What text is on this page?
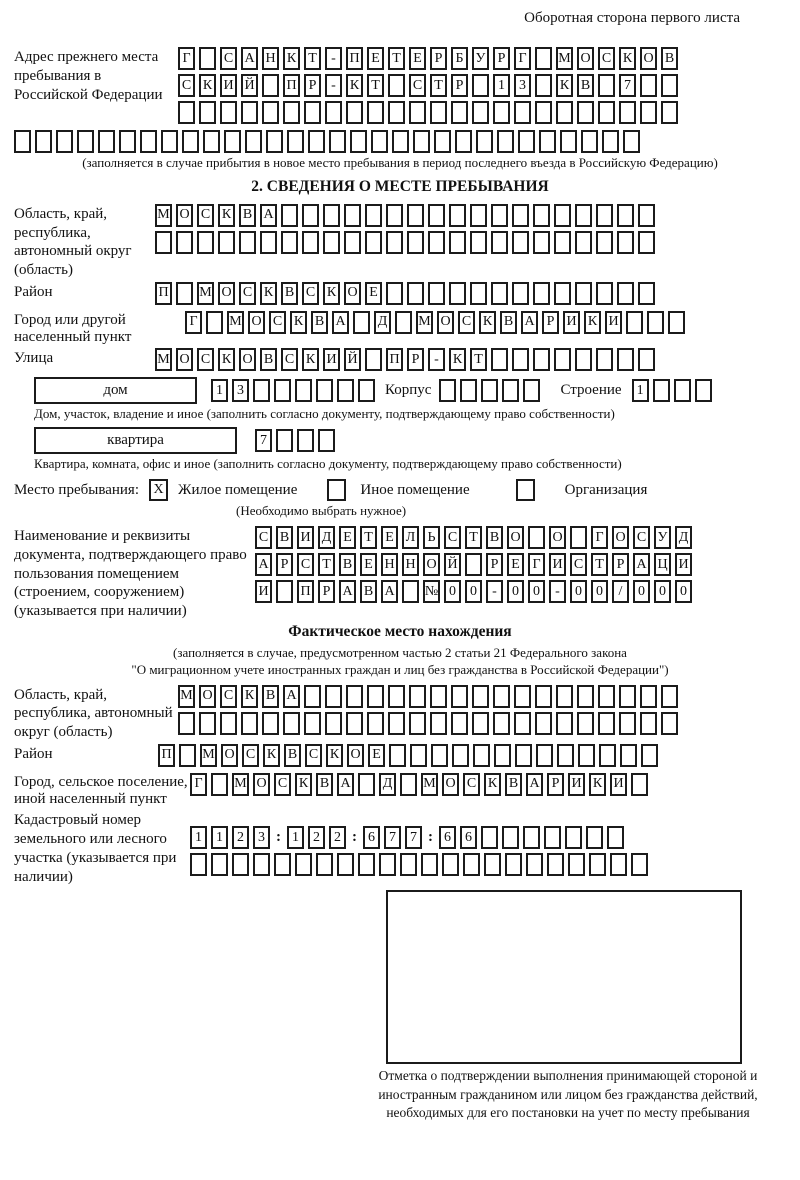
Оборотная сторона первого листа
Адрес прежнего места пребывания в Российской Федерации
Г	С А Н К Т	- П Е Т Е Р Б У Р Г	М О С К О В
С К И Й П Р	-	К Т	С Т Р	1	3	К В	7
(заполняется в случае прибытия в новое место пребывания в период последнего въезда в Российскую Федерацию)
2. СВЕДЕНИЯ О МЕСТЕ ПРЕБЫВАНИЯ
Область, край, республика, автономный округ (область)
М О С К В А
Район	П М О С К В С К О Е
Город или другой населенный пункт
Г	М О С К В А Д М О С К В А Р И К И
Улица	М О С К О В С К И Й П Р	-	К Т
дом	1	3	Корпус	Строение	1
Дом, участок, владение и иное (заполнить согласно документу, подтверждающему право собственности)
квартира	7
Квартира, комната, офис и иное (заполнить согласно документу, подтверждающему право собственности)
Место пребывания:	X Жилое помещение	Иное помещение	Организация
(Необходимо выбрать нужное)
Наименование и реквизиты документа, подтверждающего право пользования помещением (строением, сооружением) (указывается при наличии)
С В И Д Е Т Е Л Ь С Т В О О	Г О С У Д
А Р С Т В Е Н Н О Й	Р Е Г И С Т Р А Ц И
И П Р А В А № 0	0	-	0	0	-	0	0	/	0	0	0
Фактическое место нахождения
(заполняется в случае, предусмотренном частью 2 статьи 21 Федерального закона
"О миграционном учете иностранных граждан и лиц без гражданства в Российской Федерации")
Область, край, республика, автономный округ (область)
М О С К В А
Район	П М О С К В С К О Е
Город, сельское поселение, иной населенный пункт
Г	М О С К В А Д М О С К В А Р И К И
Кадастровый номер земельного или лесного участка (указывается при наличии)
1	1	2	3 : 1	2	2 : 6	7	7 : 6	6
Отметка о подтверждении выполнения принимающей стороной и иностранным гражданином или лицом без гражданства действий, необходимых для его постановки на учет по месту пребывания
